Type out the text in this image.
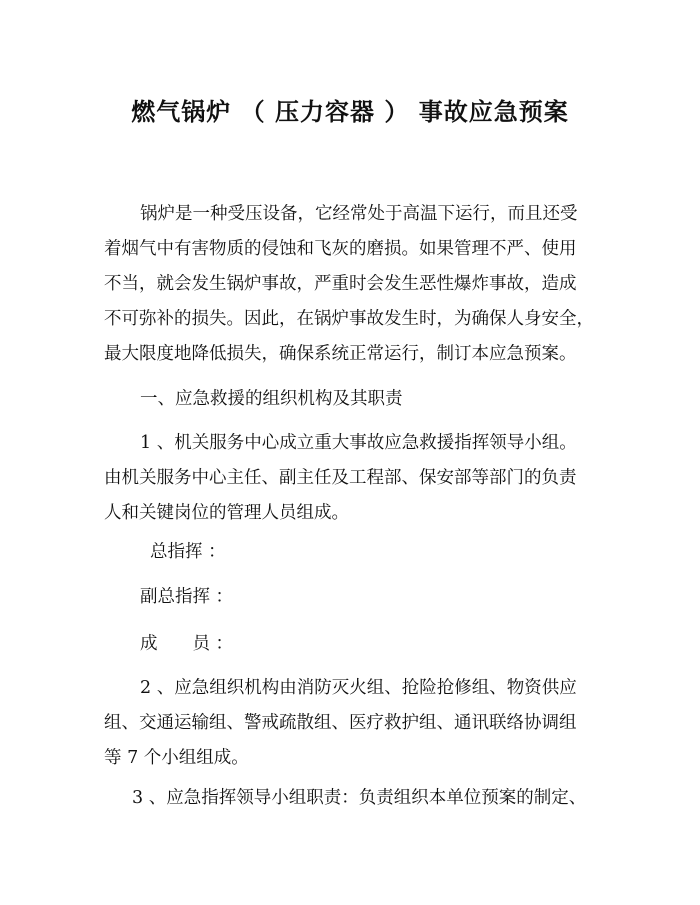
燃气锅炉 （ 压力容器 ） 事故应急预案
锅炉是一种受压设备，它经常处于高温下运行，而且还受
着烟气中有害物质的侵蚀和飞灰的磨损。如果管理不严、使用
不当，就会发生锅炉事故，严重时会发生恶性爆炸事故，造成
不可弥补的损失。因此，在锅炉事故发生时，为确保人身安全，
最大限度地降低损失，确保系统正常运行，制订本应急预案。
一、应急救援的组织机构及其职责
1 、机关服务中心成立重大事故应急救援指挥领导小组。
由机关服务中心主任、副主任及工程部、保安部等部门的负责
人和关键岗位的管理人员组成。
总指挥 ：
副总指挥 ：
成　　员 ：
2 、应急组织机构由消防灭火组、抢险抢修组、物资供应
组、交通运输组、警戒疏散组、医疗救护组、通讯联络协调组
等 7 个小组组成。
3 、应急指挥领导小组职责：负责组织本单位预案的制定、
